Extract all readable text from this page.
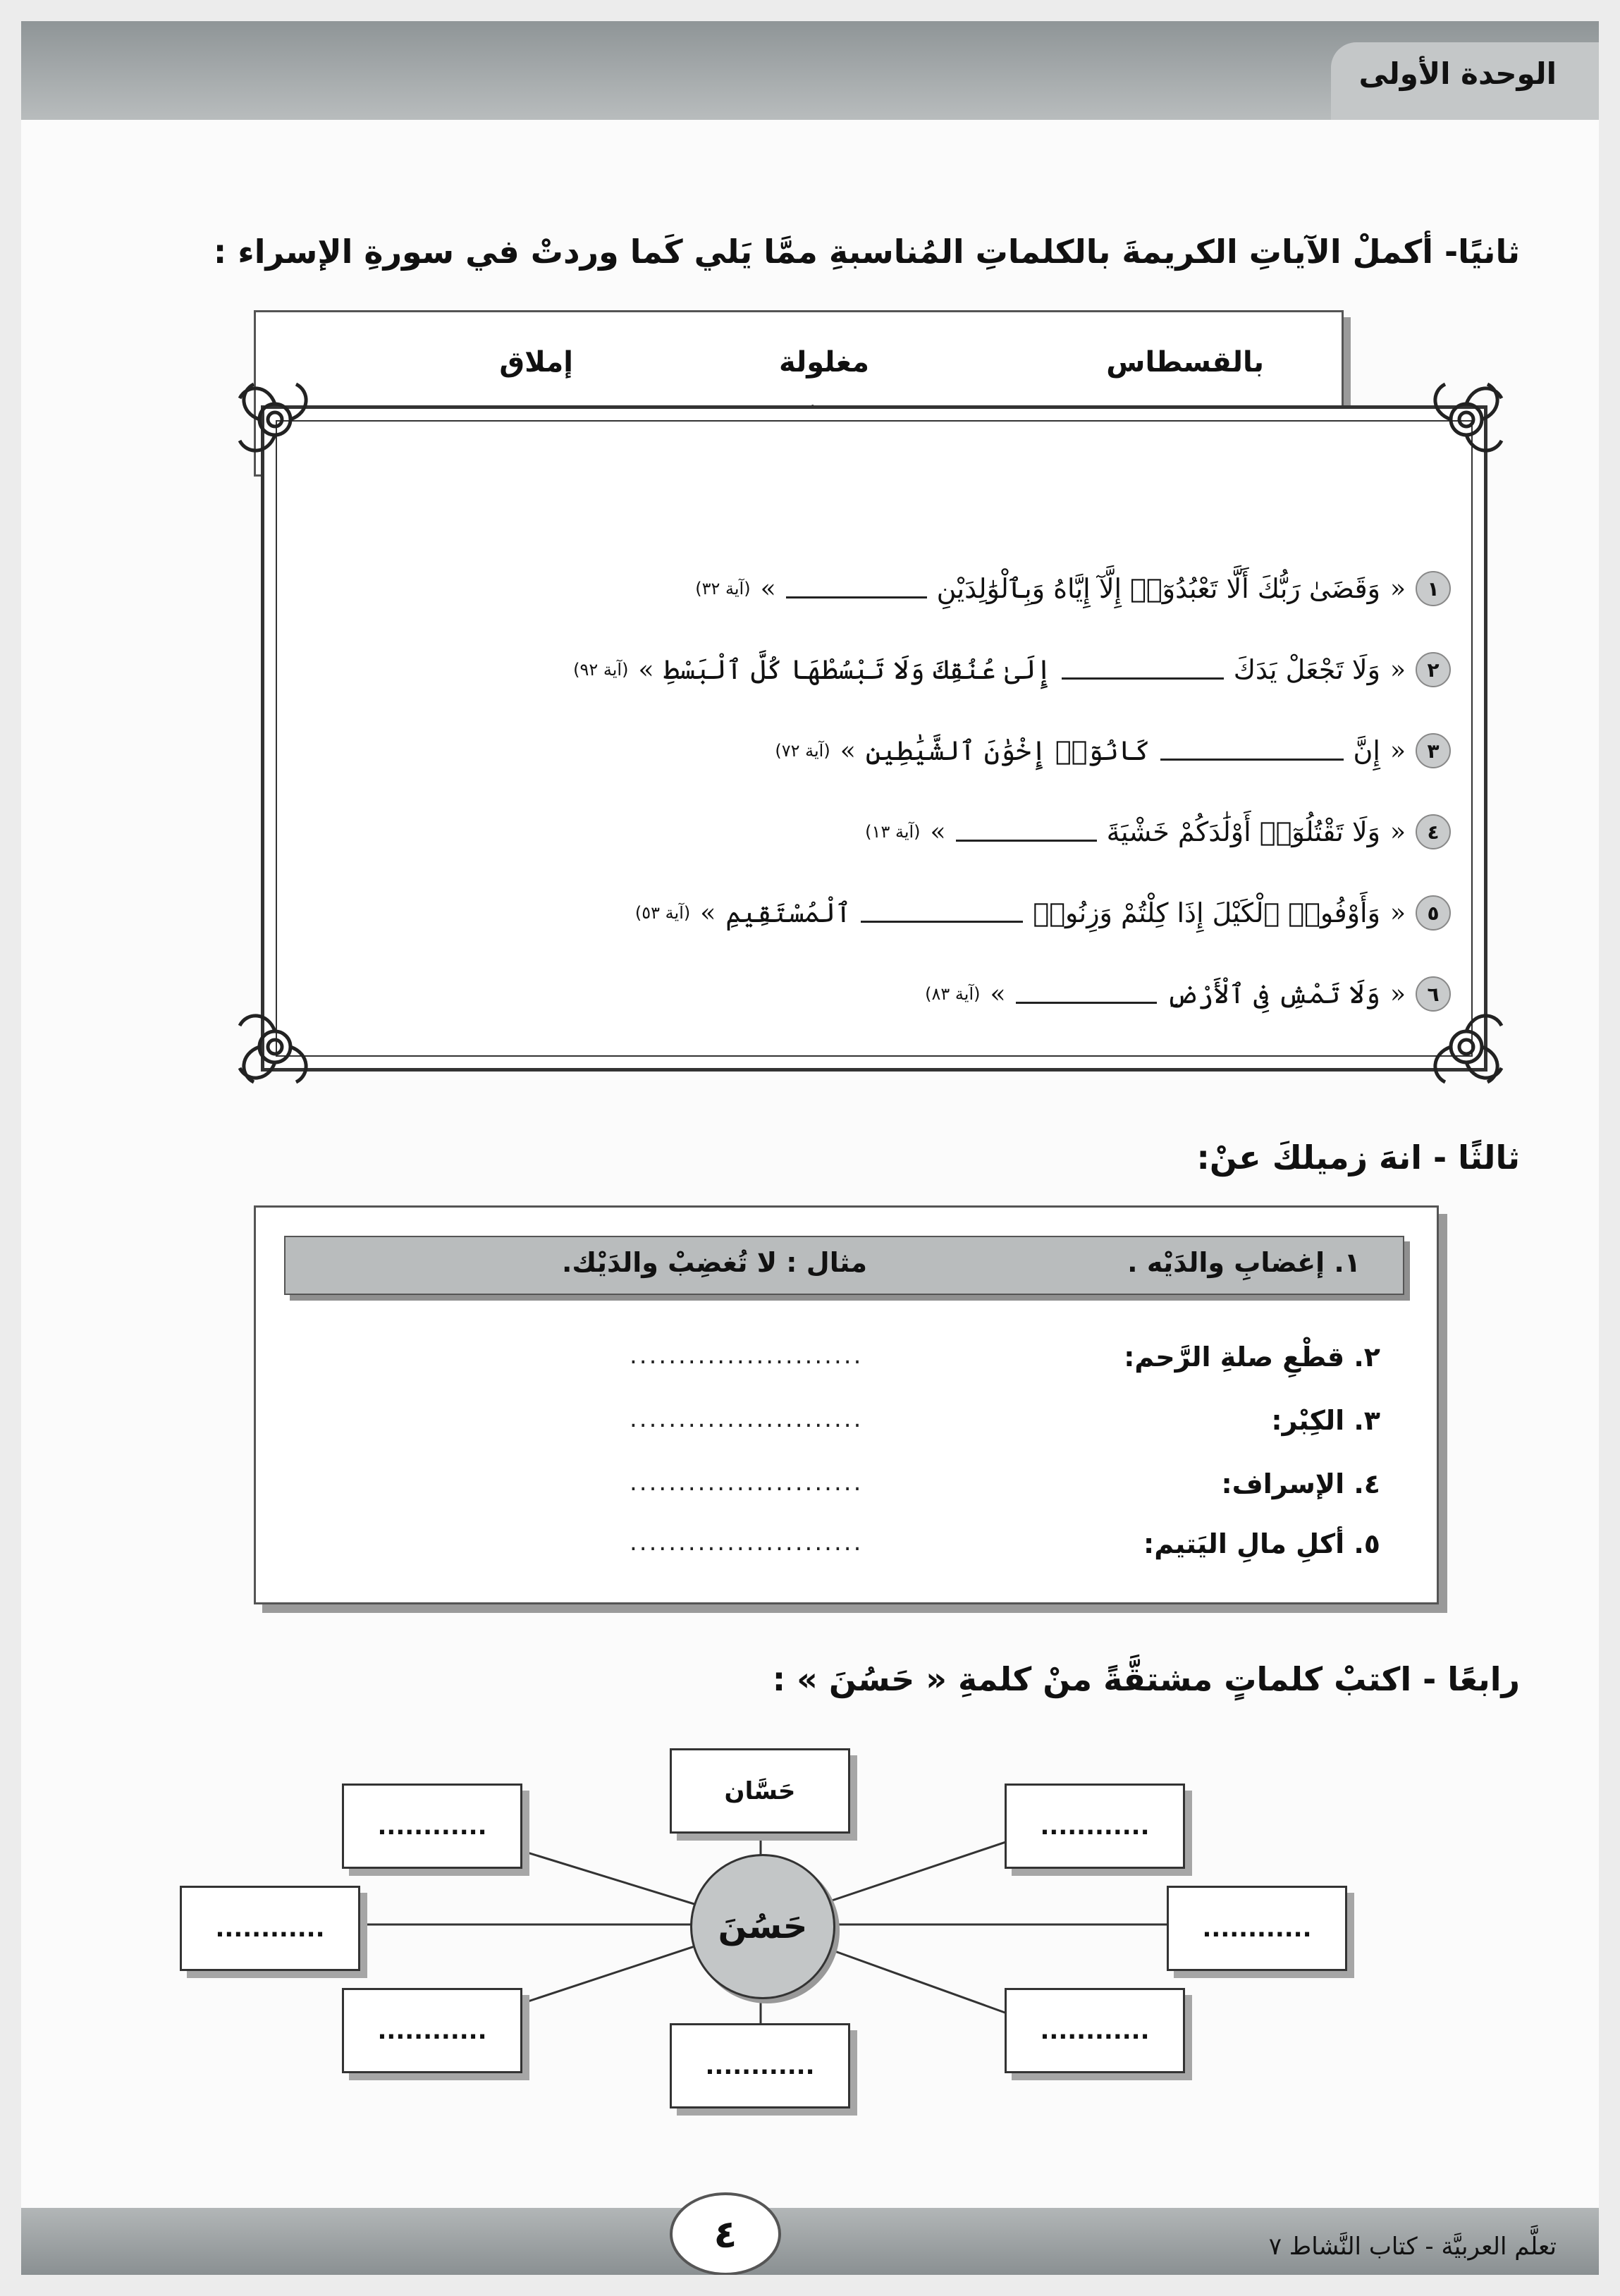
الوحدة الأولى
ثانيًا- أكملْ الآياتِ الكريمةَ بالكلماتِ المُناسبةِ ممَّا يَلي كَما وردتْ في سورةِ الإسراء :
بالقسطاس
مغلولة
إملاق
١
«
وَقَضَىٰ رَبُّكَ أَلَّا تَعْبُدُوٓا۟ إِلَّآ إِيَّاهُ وَبِٱلْوَٰلِدَيْنِ
»
(آية ٣٢)
٢
«
وَلَا تَجْعَلْ يَدَكَ
إِلَىٰ عُنُقِكَ وَلَا تَبْسُطْهَا كُلَّ ٱلْبَسْطِ
»
(آية ٩٢)
٣
«
إِنَّ
كَانُوٓا۟ إِخْوَٰنَ ٱلشَّيَٰطِينِ
»
(آية ٧٢)
٤
«
وَلَا تَقْتُلُوٓا۟ أَوْلَٰدَكُمْ خَشْيَةَ
»
(آية ١٣)
٥
«
وَأَوْفُوا۟ ٱلْكَيْلَ إِذَا كِلْتُمْ وَزِنُوا۟
ٱلْمُسْتَقِيمِ
»
(آية ٥٣)
٦
«
وَلَا تَمْشِ فِى ٱلْأَرْضِ
»
(آية ٨٣)
ثالثًا - انهَ زميلكَ عنْ:
١. إغضابِ والدَيْه .
مثال : لا تُغضِبْ والدَيْك.
٢. قطْعِ صلةِ الرَّحم:
........................
٣. الكِبْر:
........................
٤. الإسراف:
........................
٥. أكلِ مالِ اليَتيم:
........................
رابعًا - اكتبْ كلماتٍ مشتقَّةً منْ كلمةِ « حَسُنَ » :
حَسَّان
............	............
............	............
............	............
............
حَسُنَ
٤	تعلَّم العربيَّة - كتاب النَّشاط ٧
